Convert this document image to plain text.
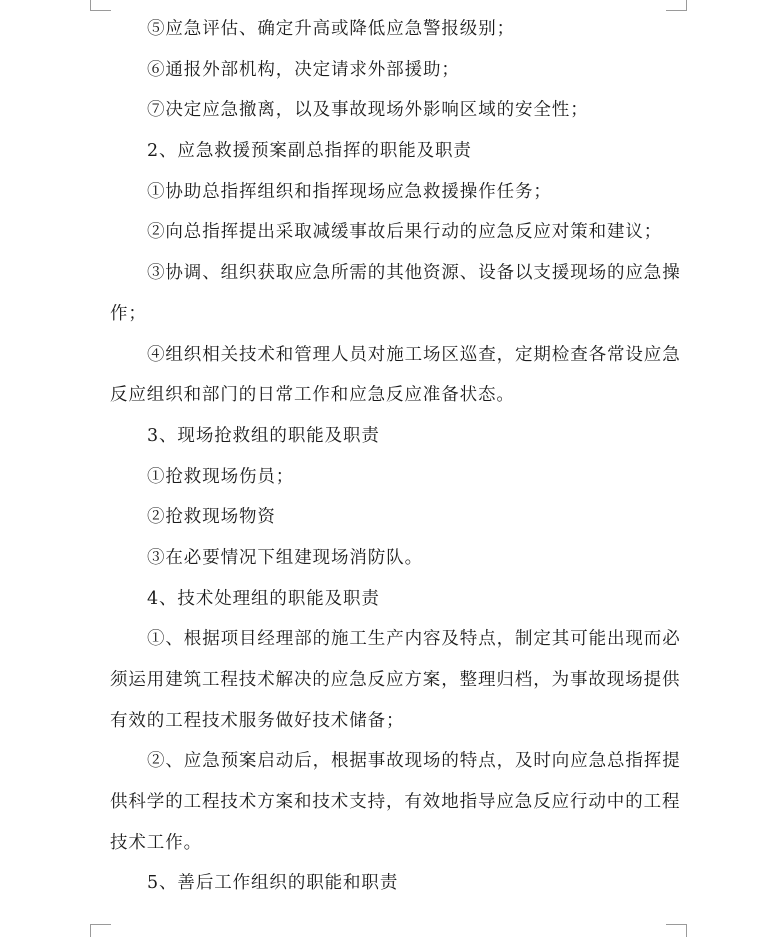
⑤应急评估、确定升高或降低应急警报级别；
⑥通报外部机构，决定请求外部援助；
⑦决定应急撤离，以及事故现场外影响区域的安全性；
2、应急救援预案副总指挥的职能及职责
①协助总指挥组织和指挥现场应急救援操作任务；
②向总指挥提出采取减缓事故后果行动的应急反应对策和建议；
③协调、组织获取应急所需的其他资源、设备以支援现场的应急操
作；
④组织相关技术和管理人员对施工场区巡查，定期检查各常设应急
反应组织和部门的日常工作和应急反应准备状态。
3、现场抢救组的职能及职责
①抢救现场伤员；
②抢救现场物资
③在必要情况下组建现场消防队。
4、技术处理组的职能及职责
①、根据项目经理部的施工生产内容及特点，制定其可能出现而必
须运用建筑工程技术解决的应急反应方案，整理归档，为事故现场提供
有效的工程技术服务做好技术储备；
②、应急预案启动后，根据事故现场的特点，及时向应急总指挥提
供科学的工程技术方案和技术支持，有效地指导应急反应行动中的工程
技术工作。
5、善后工作组织的职能和职责
